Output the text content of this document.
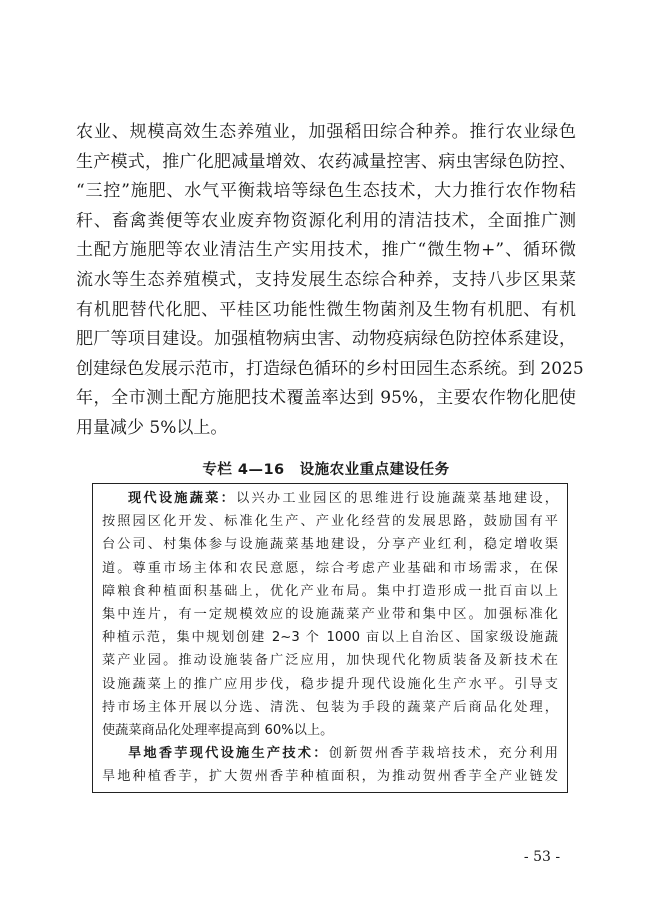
农业、规模高效生态养殖业，加强稻田综合种养。推行农业绿色
生产模式，推广化肥减量增效、农药减量控害、病虫害绿色防控、
“三控”施肥、水气平衡栽培等绿色生态技术，大力推行农作物秸
秆、畜禽粪便等农业废弃物资源化利用的清洁技术，全面推广测
土配方施肥等农业清洁生产实用技术，推广“微生物+”、循环微
流水等生态养殖模式，支持发展生态综合种养，支持八步区果菜
有机肥替代化肥、平桂区功能性微生物菌剂及生物有机肥、有机
肥厂等项目建设。加强植物病虫害、动物疫病绿色防控体系建设，
创建绿色发展示范市，打造绿色循环的乡村田园生态系统。到 2025
年，全市测土配方施肥技术覆盖率达到 95%，主要农作物化肥使
用量减少 5%以上。
专栏 4—16　设施农业重点建设任务
现代设施蔬菜：以兴办工业园区的思维进行设施蔬菜基地建设，
按照园区化开发、标准化生产、产业化经营的发展思路，鼓励国有平
台公司、村集体参与设施蔬菜基地建设，分享产业红利，稳定增收渠
道。尊重市场主体和农民意愿，综合考虑产业基础和市场需求，在保
障粮食种植面积基础上，优化产业布局。集中打造形成一批百亩以上
集中连片，有一定规模效应的设施蔬菜产业带和集中区。加强标准化
种植示范，集中规划创建 2~3 个 1000 亩以上自治区、国家级设施蔬
菜产业园。推动设施装备广泛应用，加快现代化物质装备及新技术在
设施蔬菜上的推广应用步伐，稳步提升现代设施化生产水平。引导支
持市场主体开展以分选、清洗、包装为手段的蔬菜产后商品化处理，
使蔬菜商品化处理率提高到 60%以上。
旱地香芋现代设施生产技术：创新贺州香芋栽培技术，充分利用
旱地种植香芋，扩大贺州香芋种植面积，为推动贺州香芋全产业链发
- 53 -
